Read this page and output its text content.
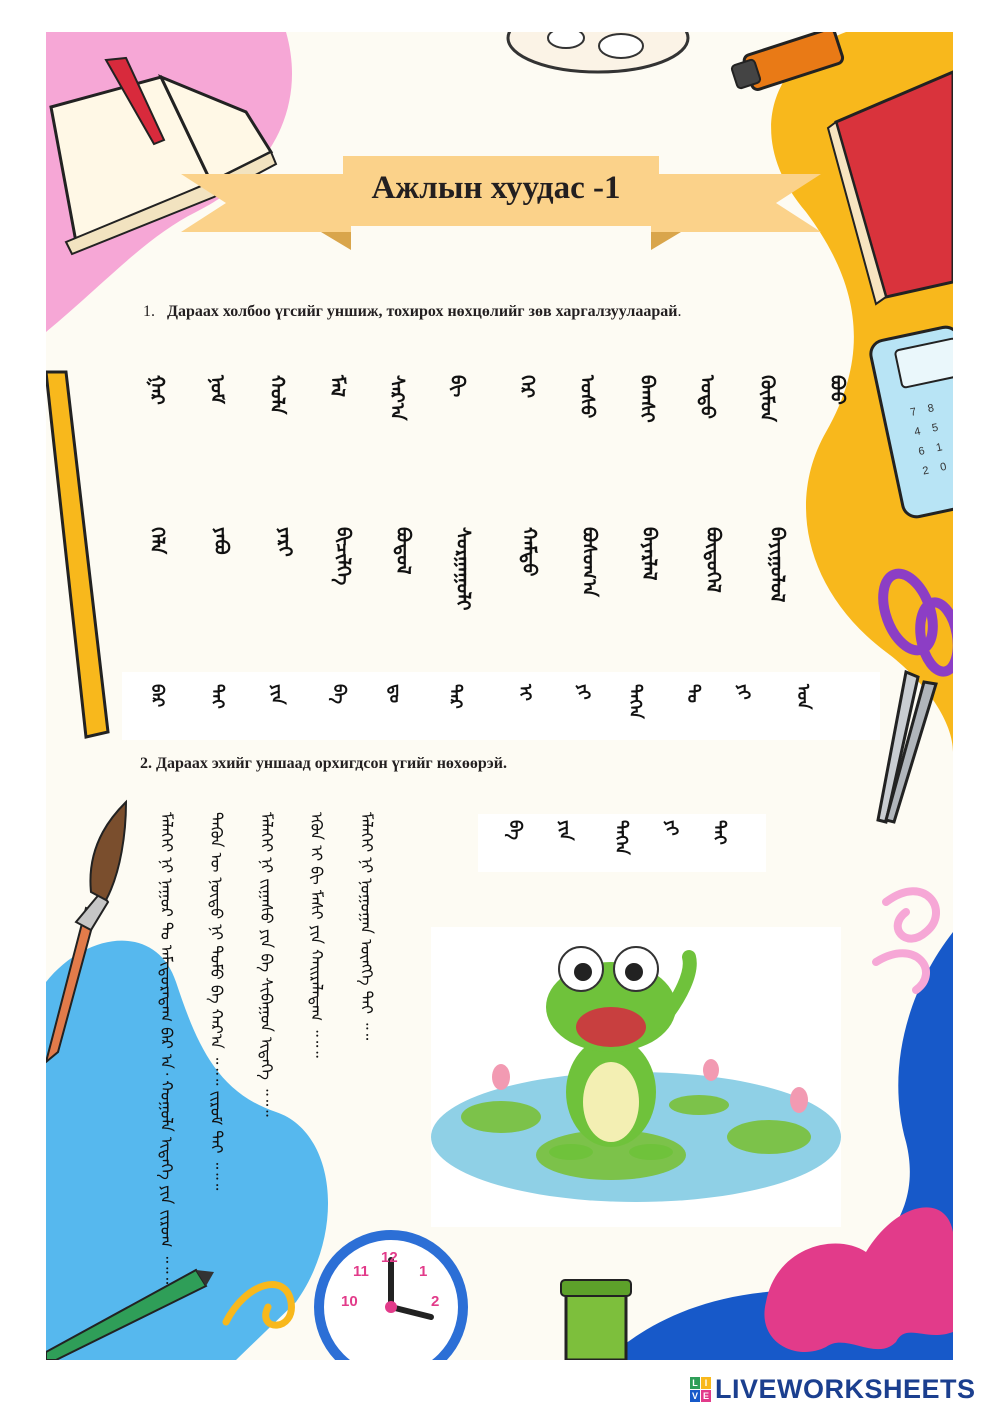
7 8
4 5
6 1
2 0
11
12
1
10	2
Ажлын хуудас -1
1. Дараах холбоо үгсийг уншиж, тохирох нөхцөлийг зөв харгалзуулаарай.
ᠭᠠᠷ	ᠨᠣᠮ	ᠬᠣᠯᠠ	ᠮᠠᠯ	ᠰᠠᠷ᠎ᠠ	ᠪᠢ	ᠭᠡᠷ	ᠤᠰᠤ	ᠪᠠᠭᠰᠢ	ᠣᠳᠣ	ᠬᠦᠮᠦᠨ	ᠪᠣᠣ
ᠬᠡᠯᠡ	ᠶᠠᠪᠤ	ᠶᠠᠷᠢ	ᠪᠢᠴᠢᠯᠭᠡ	ᠪᠣᠳᠣᠯ	ᠰᠤᠷᠭᠠᠭᠤᠯᠢ	ᠬᠠᠮᠲᠤ	ᠪᠣᠰᠤᠭ᠎ᠠ	ᠪᠠᠶᠠᠷᠯᠠᠯ	ᠪᠦᠲᠦᠭᠡᠯ	ᠪᠠᠶᠢᠭᠤᠯᠤᠯ
ᠪᠡᠷ ᠲᠠᠢ ᠶᠢᠨ ᠪᠠ ᠳᠤ ᠲᠠᠷ	ᠢ ᠶᠢ ᠳᠡᠭᠡᠨ ᠲᠤ ᠶᠢ ᠤᠨ
2. Дараах эхийг уншаад орхигдсон үгийг нөхөөрэй.
ᠪᠠ ᠶᠢᠨ ᠳᠡᠭᠡᠨ ᠶᠢ ᠲᠠᠢ
ᠮᠡᠯᠡᠬᠡᠢ ᠨᠢ ᠨᠠᠭᠤᠷ ᠲᠤ ᠠᠮᠢᠳᠤᠷᠠᠳᠠᠭ ᠪᠡᠷ ᠠ᠂ ᠬᠣᠭᠣᠯᠠ ᠢᠳᠡᠭᠡ ᠶᠢᠨ ᠵᠢᠷᠤᠭ ᠃᠃᠃	ᠲᠡᠭᠦᠨ ᠦ ᠨᠦᠳᠦ ᠨᠢ ᠲᠣᠮᠣ ᠪᠠ ᠬᠠᠷ᠎ᠠ ᠃᠃᠃ ᠵᠢᠷᠤᠮ ᠲᠠᠢ ᠃᠃᠃	ᠮᠡᠯᠡᠬᠡᠢ ᠨᠢ ᠵᠢᠭᠠᠰᠤ ᠶᠢᠨ ᠪᠠ ᠰᠢᠪᠠᠭᠤᠨ ᠢᠳᠡᠭᠡ ᠃᠃᠃	ᠡᠭᠦᠨ ᠢ ᠪᠢ ᠮᠠᠰᠢ ᠶᠢᠨ ᠬᠠᠢᠷᠠᠯᠠᠳᠠᠭ ᠃᠃᠃	ᠮᠡᠯᠡᠬᠡᠢ ᠨᠢ ᠨᠣᠭᠣᠭᠠᠨ ᠦᠩᠭᠡ ᠲᠡᠢ ᠃᠃
L I
V E LIVEWORKSHEETS
